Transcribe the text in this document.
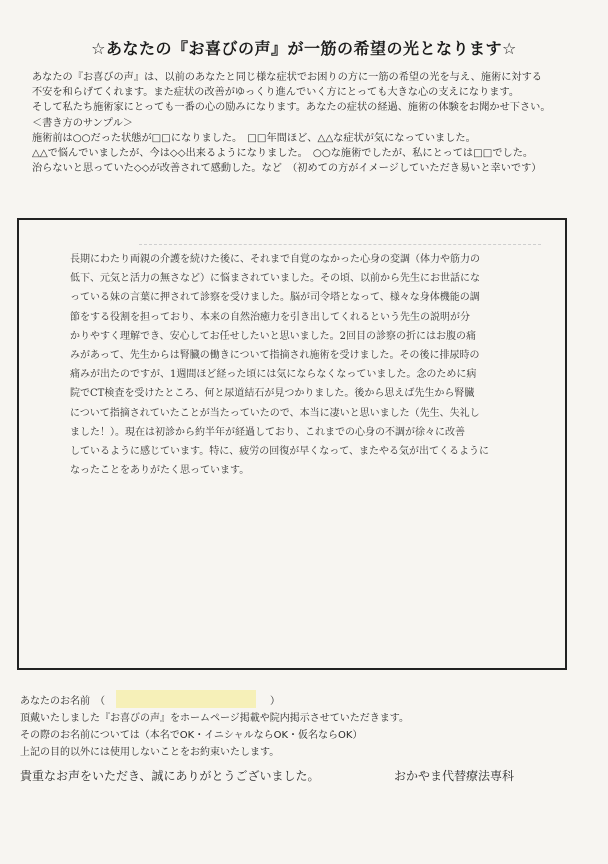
☆あなたの『お喜びの声』が一筋の希望の光となります☆
あなたの『お喜びの声』は、以前のあなたと同じ様な症状でお困りの方に一筋の希望の光を与え、施術に対する
不安を和らげてくれます。また症状の改善がゆっくり進んでいく方にとっても大きな心の支えになります。
そして私たち施術家にとっても一番の心の励みになります。あなたの症状の経過、施術の体験をお聞かせ下さい。
＜書き方のサンプル＞
施術前は○○だった状態が□□になりました。　□□年間ほど、△△な症状が気になっていました。
△△で悩んでいましたが、今は◇◇出来るようになりました。　○○な施術でしたが、私にとっては□□でした。
治らないと思っていた◇◇が改善されて感動した。など　（初めての方がイメージしていただき易いと幸いです）
長期にわたり両親の介護を続けた後に、それまで自覚のなかった心身の変調（体力や筋力の
低下、元気と活力の無さなど）に悩まされていました。その頃、以前から先生にお世話にな
っている妹の言葉に押されて診察を受けました。脳が司令塔となって、様々な身体機能の調
節をする役割を担っており、本来の自然治癒力を引き出してくれるという先生の説明が分
かりやすく理解でき、安心してお任せしたいと思いました。2回目の診察の折にはお腹の痛
みがあって、先生からは腎臓の働きについて指摘され施術を受けました。その後に排尿時の
痛みが出たのですが、1週間ほど経った頃には気にならなくなっていました。念のために病
院でCT検査を受けたところ、何と尿道結石が見つかりました。後から思えば先生から腎臓
について指摘されていたことが当たっていたので、本当に凄いと思いました（先生、失礼し
ました！）。現在は初診から約半年が経過しており、これまでの心身の不調が徐々に改善
しているように感じています。特に、疲労の回復が早くなって、またやる気が出てくるように
なったことをありがたく思っています。
あなたのお名前　（	）
頂戴いたしました『お喜びの声』をホームページ掲載や院内掲示させていただきます。
その際のお名前については（本名でOK・イニシャルならOK・仮名ならOK）
上記の目的以外には使用しないことをお約束いたします。
貴重なお声をいただき、誠にありがとうございました。	おかやま代替療法専科
